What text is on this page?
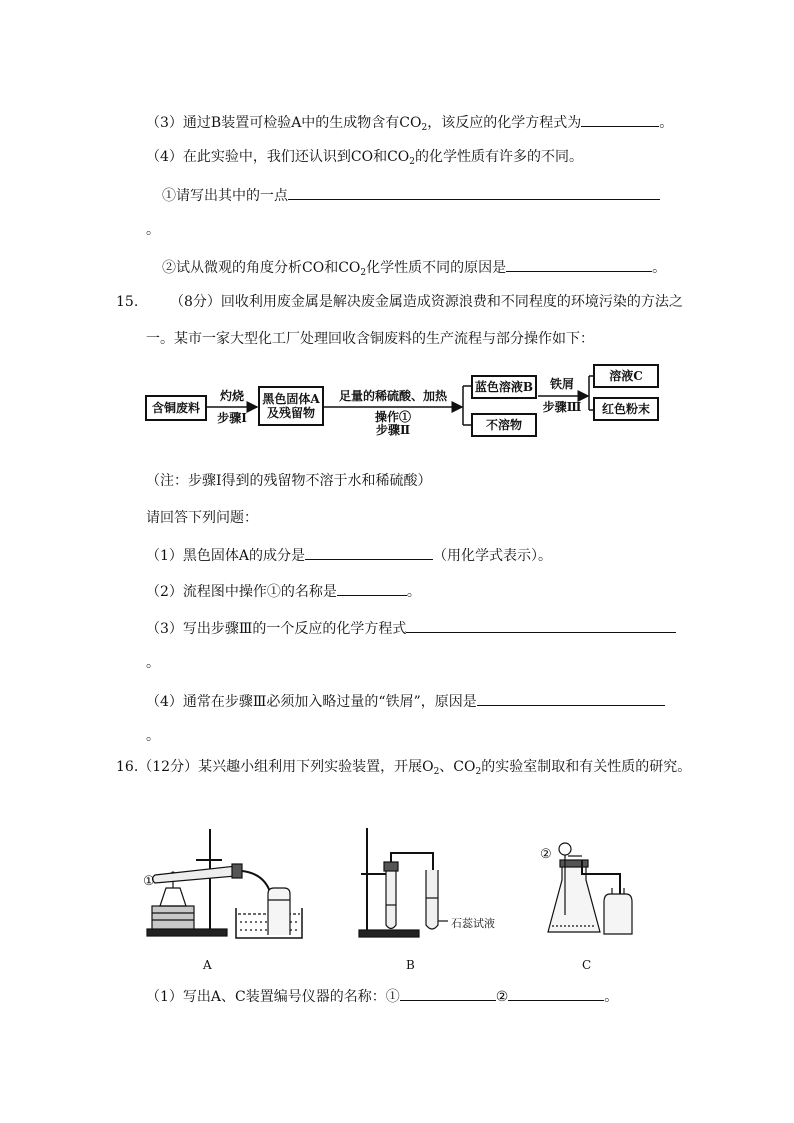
（3）通过B装置可检验A中的生成物含有$CO_2$，该反应的化学方程式为	。
（4）在此实验中，我们还认识到CO和$CO_2$的化学性质有许多的不同。
①请写出其中的一点
。
②试从微观的角度分析CO和$CO_2$化学性质不同的原因是	。
15. （8分）回收利用废金属是解决废金属造成资源浪费和不同程度的环境污染的方法之
一。某市一家大型化工厂处理回收含铜废料的生产流程与部分操作如下：
含铜废料
灼烧
步骤Ⅰ
黑色固体A
及残留物
足量的稀硫酸、加热
操作①
步骤Ⅱ
蓝色溶液B
不溶物
铁屑
步骤Ⅲ
溶液C
红色粉末
（注：步骤Ⅰ得到的残留物不溶于水和稀硫酸）
请回答下列问题：
（1）黑色固体A的成分是	（用化学式表示）。
（2）流程图中操作①的名称是	。
（3）写出步骤Ⅲ的一个反应的化学方程式
。
（4）通常在步骤Ⅲ必须加入略过量的“铁屑”，原因是
。
16.（12分）某兴趣小组利用下列实验装置，开展$O_2$、$CO_2$的实验室制取和有关性质的研究。
①
②
石蕊试液
A	B	C
（1）写出A、C装置编号仪器的名称：①	②	。
